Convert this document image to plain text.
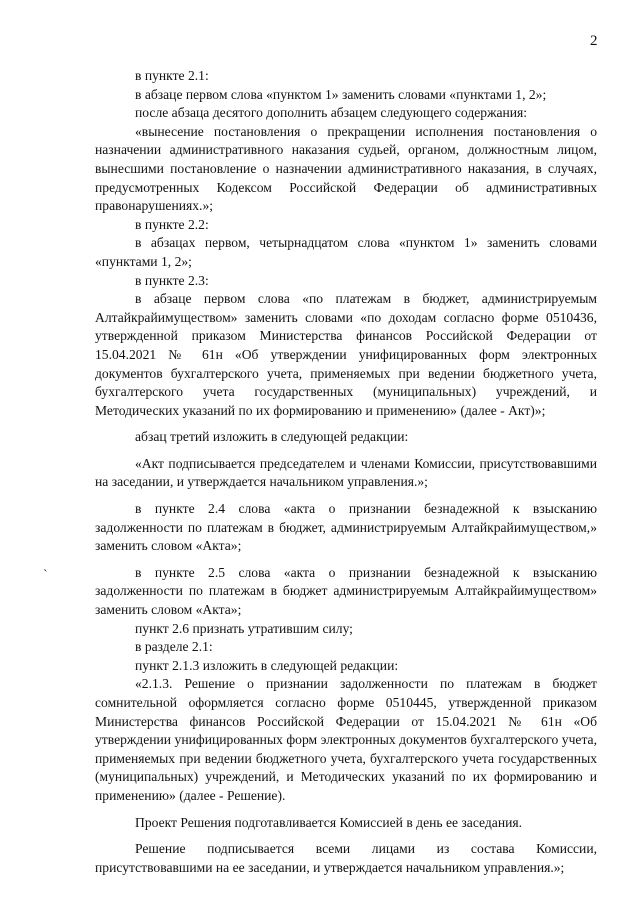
2
`

в пункте 2.1:

в абзаце первом слова «пунктом 1» заменить словами «пунктами 1, 2»;

после абзаца десятого дополнить абзацем следующего содержания:

«вынесение постановления о прекращении исполнения постановления о назначении административного наказания судьей, органом, должностным лицом, вынесшими постановление о назначении административного наказания, в случаях, предусмотренных Кодексом Российской Федерации об административных правонарушениях.»;

в пункте 2.2:

в абзацах первом, четырнадцатом слова «пунктом 1» заменить словами «пунктами 1, 2»;

в пункте 2.3:

в абзаце первом слова «по платежам в бюджет, администрируемым Алтайкрайимуществом» заменить словами «по доходам согласно форме 0510436, утвержденной приказом Министерства финансов Российской Федерации от 15.04.2021 № 61н «Об утверждении унифицированных форм электронных документов бухгалтерского учета, применяемых при ведении бюджетного учета, бухгалтерского учета государственных (муниципальных) учреждений, и Методических указаний по их формированию и применению» (далее - Акт)»;

абзац третий изложить в следующей редакции:

«Акт подписывается председателем и членами Комиссии, присутствовавшими на заседании, и утверждается начальником управления.»;

в пункте 2.4 слова «акта о признании безнадежной к взысканию задолженности по платежам в бюджет, администрируемым Алтайкрайимуществом,» заменить словом «Акта»;

в пункте 2.5 слова «акта о признании безнадежной к взысканию задолженности по платежам в бюджет администрируемым Алтайкрайимуществом» заменить словом «Акта»;

пункт 2.6 признать утратившим силу;

в разделе 2.1:

пункт 2.1.3 изложить в следующей редакции:

«2.1.3. Решение о признании задолженности по платежам в бюджет сомнительной оформляется согласно форме 0510445, утвержденной приказом Министерства финансов Российской Федерации от 15.04.2021 № 61н «Об утверждении унифицированных форм электронных документов бухгалтерского учета, применяемых при ведении бюджетного учета, бухгалтерского учета государственных (муниципальных) учреждений, и Методических указаний по их формированию и применению» (далее - Решение).

Проект Решения подготавливается Комиссией в день ее заседания.

Решение подписывается всеми лицами из состава Комиссии, присутствовавшими на ее заседании, и утверждается начальником управления.»;
